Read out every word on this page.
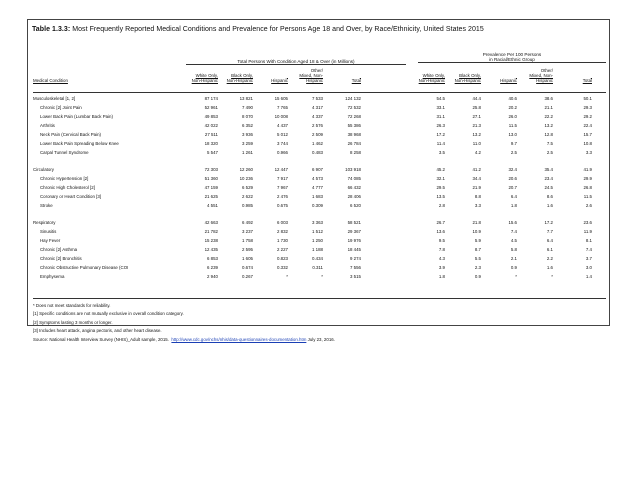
Table 1.3.3: Most Frequently Reported Medical Conditions and Prevalence for Persons Age 18 and Over, by Race/Ethnicity, United States 2015
Total Persons With Condition Aged 18 & Over (in Millions)
Prevalence Per 100 Persons
in Racial/Ethnic Group

Medical Condition

White Only,
Non-Hispanic

Black Only,
Non-Hispanic

	Hispanic
Other/
Mixed, Non-
Hispanic

	Total

White Only,
Non-Hispanic

Black Only,
Non-Hispanic

	Hispanic
Other/
Mixed, Non-
Hispanic

	Total
Musculoskeletal [1, 2]	87 174	13 821	15 605	7 533	124 132		54.5	44.4	40.6	38.6	50.1
Chronic [2] Joint Pain	52 961	7 490	7 765	4 317	72 532		33.1	25.8	20.2	21.1	29.3
Lower Back Pain (Lumbar Back Pain)	49 853	8 070	10 008	4 337	72 268		31.1	27.1	26.0	22.2	29.2
Arthritis	42 022	6 352	4 437	2 576	55 386		26.3	21.3	11.5	13.2	22.4
Neck Pain (Cervical Back Pain)	27 511	3 936	5 012	2 509	38 968		17.2	13.2	13.0	12.8	15.7
Lower Back Pain Spreading Below Knee	18 320	3 259	3 744	1 462	26 784		11.4	11.0	9.7	7.5	10.8
Carpal Tunnel Syndrome	5 547	1 261	0.966	0.483	8 258		3.5	4.2	2.5	2.5	3.3

Circulatory	72 303	12 260	12 447	6 907	103 918		45.2	41.2	32.4	35.4	41.9
Chronic Hypertension [2]	51 360	10 236	7 917	4 573	74 085		32.1	34.4	20.6	23.4	29.9
Chronic High Cholesterol [2]	47 159	6 529	7 967	4 777	66 432		29.5	21.9	20.7	24.5	26.8
Coronary or Heart Condition [3]	21 625	2 622	2 476	1 683	28 406		13.5	8.8	6.4	8.6	11.5
Stroke	4 551	0.985	0.675	0.309	6 520		2.8	3.3	1.8	1.6	2.6

Respiratory	42 663	6 492	6 003	3 363	58 521		26.7	21.8	15.6	17.2	23.6
Sinusitis	21 782	3 237	2 832	1 512	29 367		13.6	10.9	7.4	7.7	11.9
Hay Fever	15 238	1 758	1 730	1 250	19 976		9.5	5.9	4.5	6.4	8.1
Chronic [2] Asthma	12 435	2 595	2 227	1 188	18 445		7.8	8.7	5.8	6.1	7.4
Chronic [2] Bronchitis	6 853	1 605	0.823	0.434	9 274		4.3	5.5	2.1	2.2	3.7
Chronic Obstructive Pulmonary Disease (COI	6 239	0.674	0.332	0.311	7 556		3.9	2.3	0.9	1.6	3.0
Emphysema	2 940	0.267	*	*	3 515		1.8	0.9	*	*	1.4
* Does not meet standards for reliability.
[1] Specific conditions are not mutually exclusive in overall condition category.
[2] Symptoms lasting 3 months or longer.
[3] Includes heart attack, angina pectoris, and other heart disease.
Source: National Health Interview Survey (NHIS)_Adult sample, 2015. http://www.cdc.gov/nchs/nhis/data-questionnaires-documentation.htm July 23, 2016.
